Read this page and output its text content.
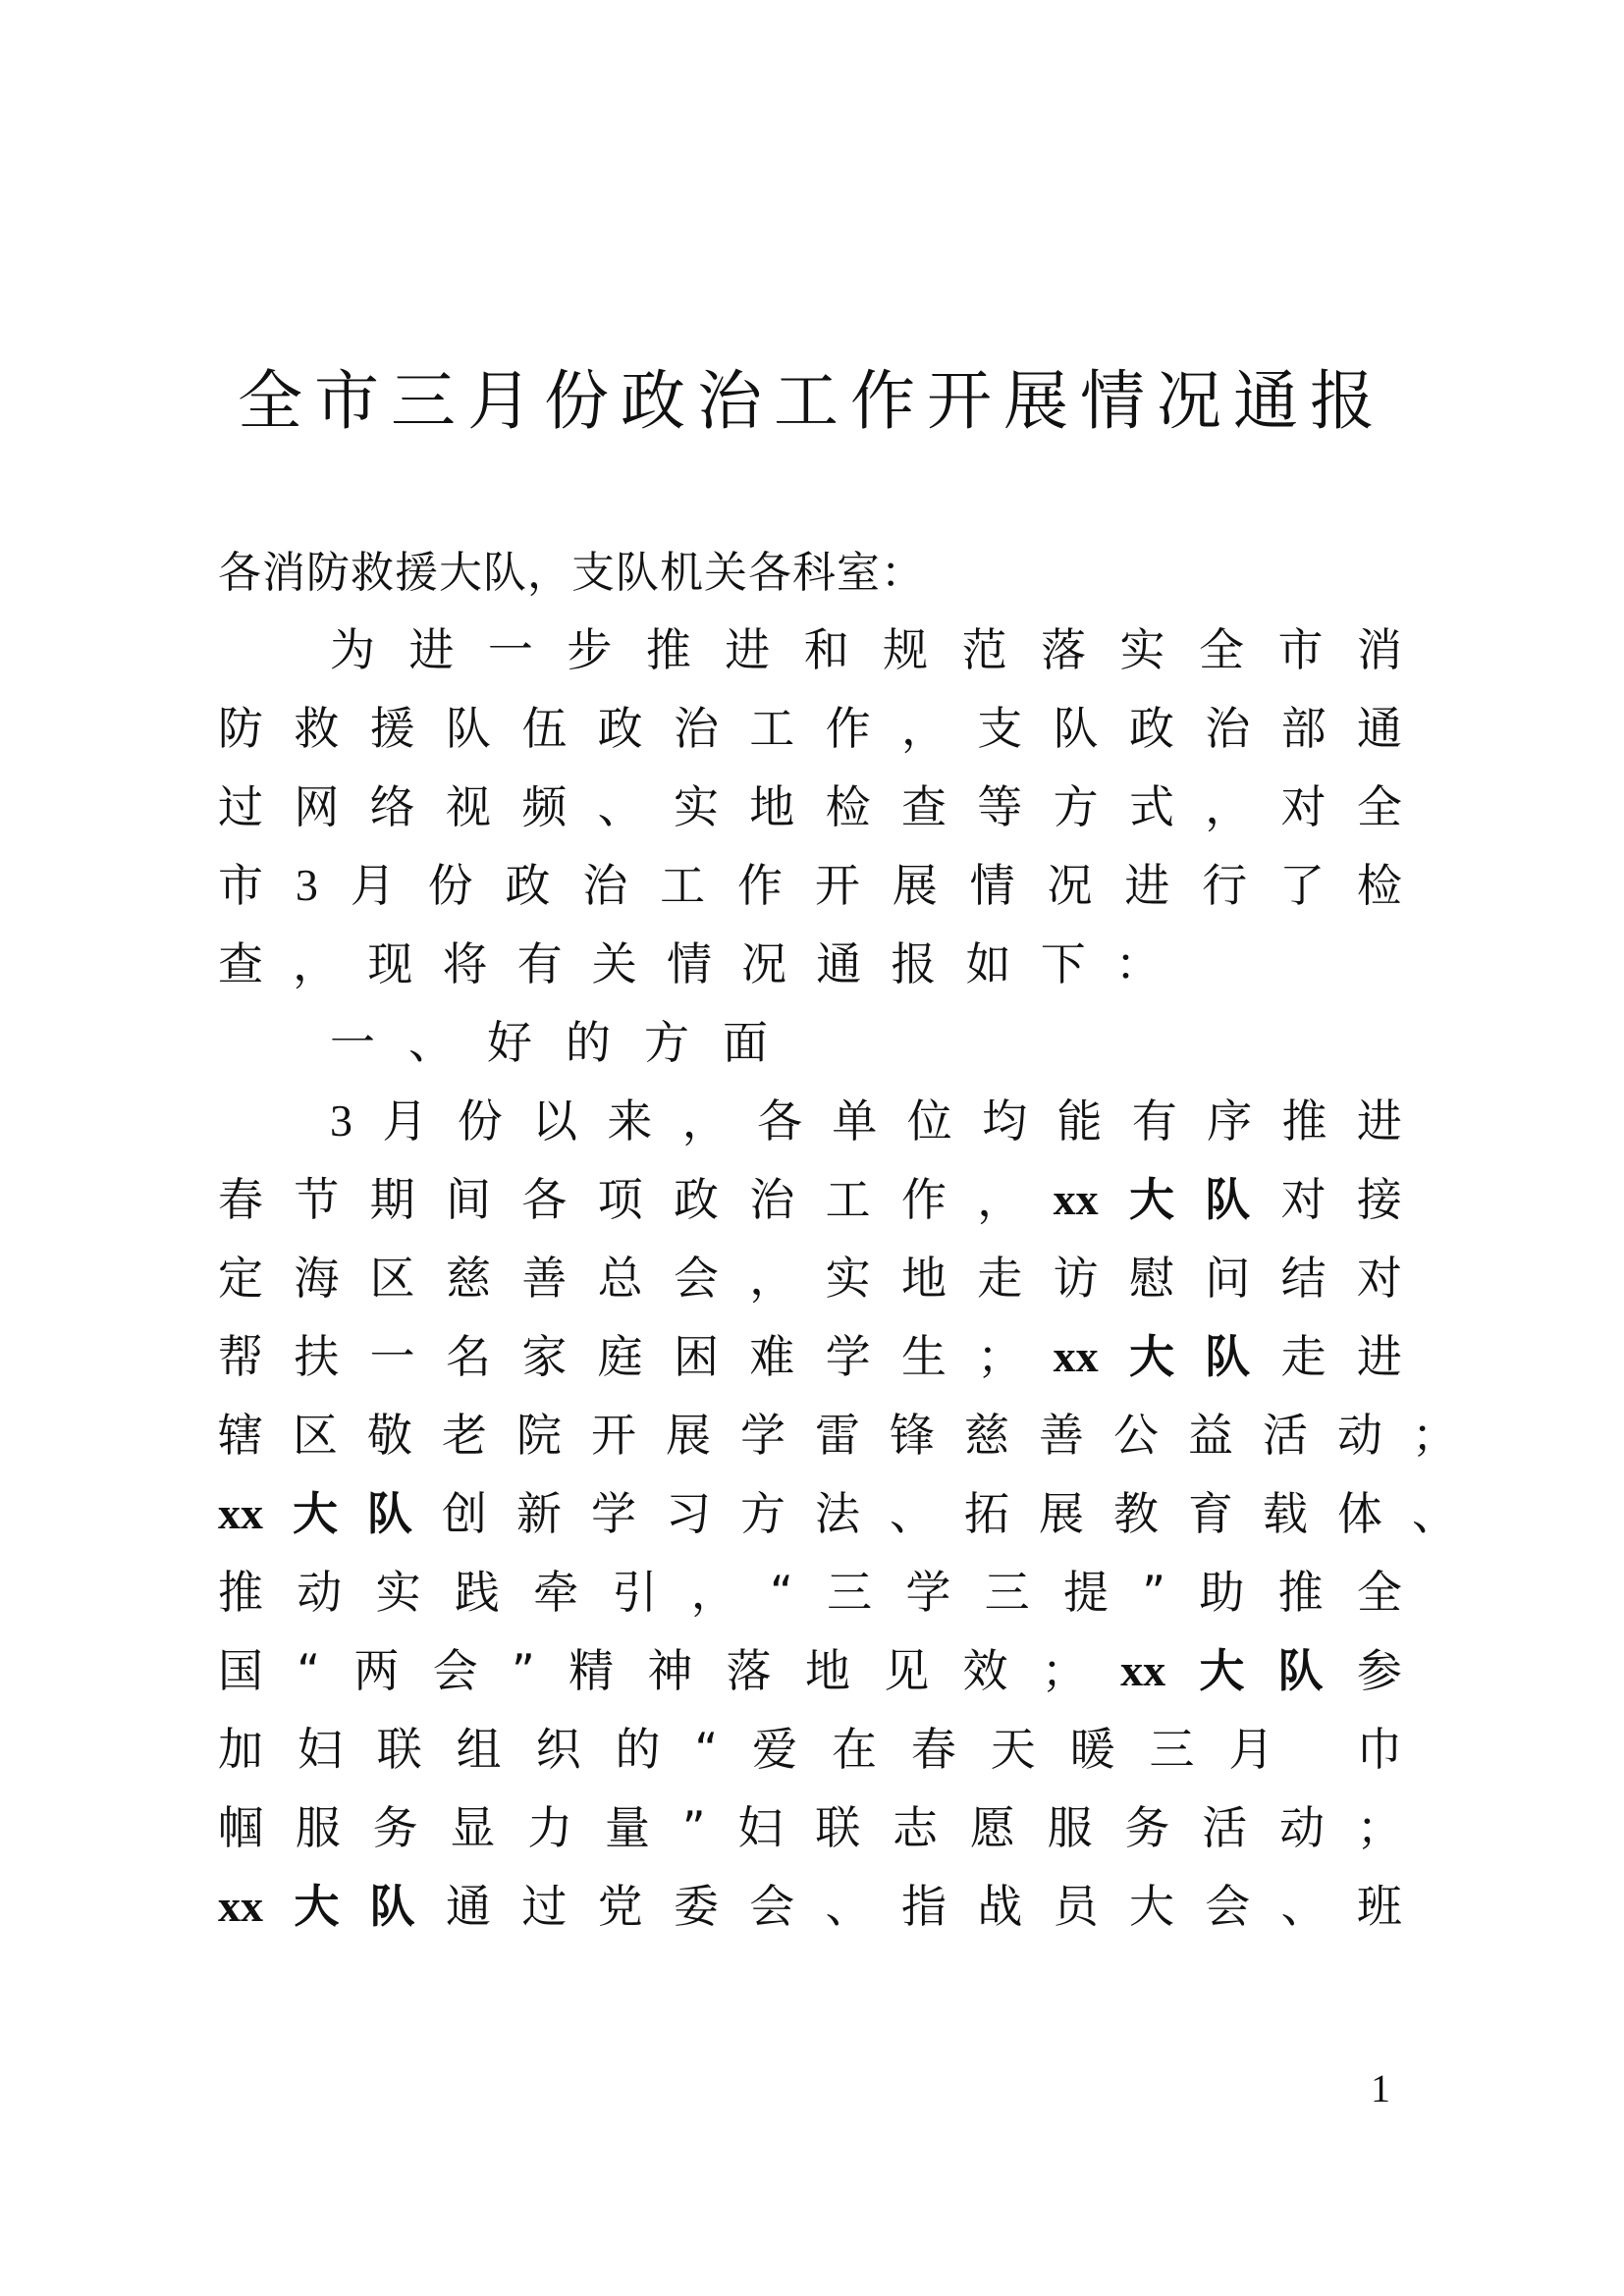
全市三月份政治工作开展情况通报
各消防救援大队，支队机关各科室：
为 进 一 步 推 进 和 规 范 落 实 全 市 消
防 救 援 队 伍 政 治 工 作 ， 支 队 政 治 部 通
过 网 络 视 频 、 实 地 检 查 等 方 式 ， 对 全
市 3 月 份 政 治 工 作 开 展 情 况 进 行 了 检
查 ， 现 将 有 关 情 况 通 报 如 下 ：
一 、 好 的 方 面
3 月 份 以 来 ， 各 单 位 均 能 有 序 推 进
春 节 期 间 各 项 政 治 工 作 ， xx 大 队 对 接
定 海 区 慈 善 总 会 ， 实 地 走 访 慰 问 结 对
帮 扶 一 名 家 庭 困 难 学 生 ； xx 大 队 走 进
辖 区 敬 老 院 开 展 学 雷 锋 慈 善 公 益 活 动 ；
xx 大 队 创 新 学 习 方 法 、 拓 展 教 育 载 体 、
推 动 实 践 牵 引 ， “ 三 学 三 提 ” 助 推 全
国 “ 两 会 ” 精 神 落 地 见 效 ； xx 大 队 参
加 妇 联 组 织 的 “ 爱 在 春 天 暖 三 月
巾
帼 服 务 显 力 量 ” 妇 联 志 愿 服 务 活 动 ；
xx 大 队 通 过 党 委 会 、 指 战 员 大 会 、 班
1
